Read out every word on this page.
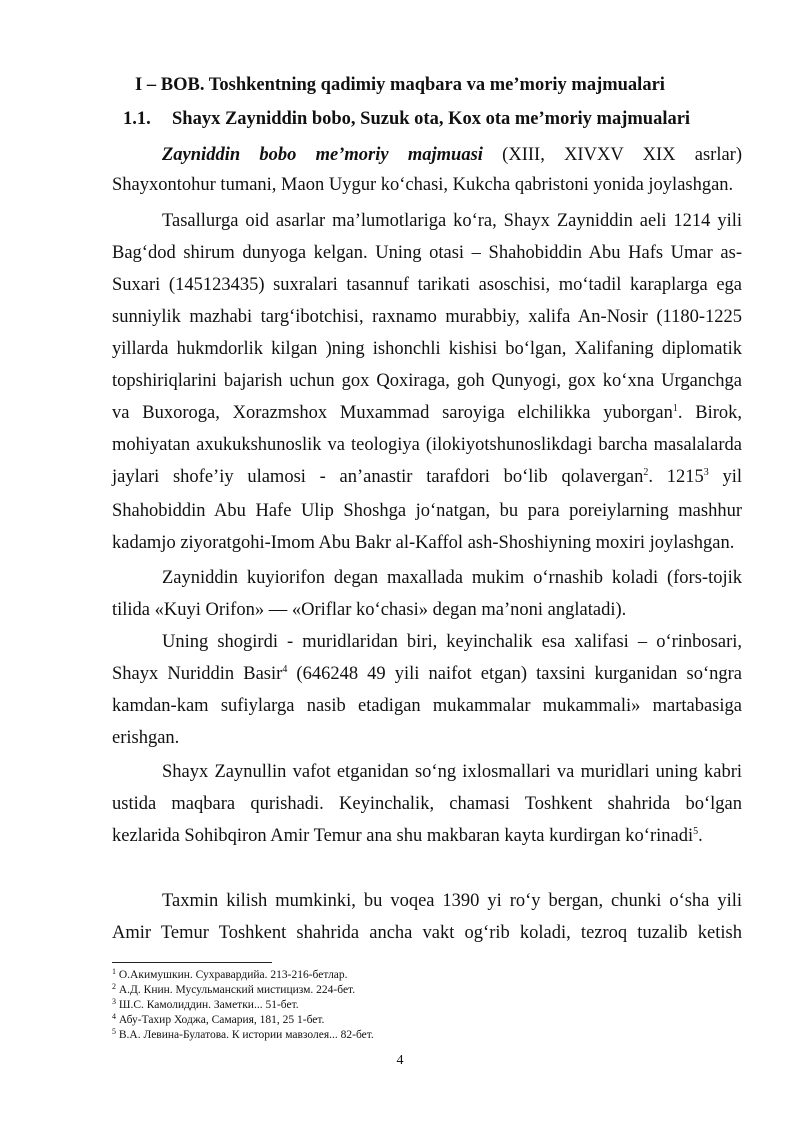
I – BOB. Toshkentning qadimiy maqbara va me’moriy majmualari
1.1. Shayx Zayniddin bobo, Suzuk ota, Kox ota me’moriy majmualari
Zayniddin bobo me’moriy majmuasi (XIII, XIVXV XIX asrlar)
Shayxontohur tumani, Maon Uygur ko‘chasi, Kukcha qabristoni yonida joylashgan.
Tasallurga oid asarlar ma’lumotlariga ko‘ra, Shayx Zayniddin aeli 1214 yili
Bag‘dod shirum dunyoga kelgan. Uning otasi – Shahobiddin Abu Hafs Umar as-
Suxari (145123435) suxralari tasannuf tarikati asoschisi, mo‘tadil karaplarga ega
sunniylik mazhabi targ‘ibotchisi, raxnamo murabbiy, xalifa An-Nosir (1180-1225
yillarda hukmdorlik kilgan )ning ishonchli kishisi bo‘lgan, Xalifaning diplomatik
topshiriqlarini bajarish uchun gox Qoxiraga, goh Qunyogi, gox ko‘xna Urganchga
va Buxoroga, Xorazmshox Muxammad saroyiga elchilikka yuborgan$^1$. Birok,
mohiyatan axukukshunoslik va teologiya (ilokiyotshunoslikdagi barcha masalalarda
jaylari shofe’iy ulamosi - an’anastir tarafdori bo‘lib qolavergan$^2$. 1215$^3$ yil
Shahobiddin Abu Hafe Ulip Shoshga jo‘natgan, bu para poreiylarning mashhur
kadamjo ziyoratgohi-Imom Abu Bakr al-Kaffol ash-Shoshiyning moxiri joylashgan.
Zayniddin kuyiorifon degan maxallada mukim o‘rnashib koladi (fors-tojik
tilida «Kuyi Orifon» — «Oriflar ko‘chasi» degan ma’noni anglatadi).
Uning shogirdi - muridlaridan biri, keyinchalik esa xalifasi – o‘rinbosari,
Shayx Nuriddin Basir$^4$ (646248 49 yili naifot etgan) taxsini kurganidan so‘ngra
kamdan-kam sufiylarga nasib etadigan mukammalar mukammali» martabasiga
erishgan.
Shayx Zaynullin vafot etganidan so‘ng ixlosmallari va muridlari uning kabri
ustida maqbara qurishadi. Keyinchalik, chamasi Toshkent shahrida bo‘lgan
kezlarida Sohibqiron Amir Temur ana shu makbaran kayta kurdirgan ko‘rinadi$^5$.
Taxmin kilish mumkinki, bu voqea 1390 yi ro‘y bergan, chunki o‘sha yili
Amir Temur Toshkent shahrida ancha vakt og‘rib koladi, tezroq tuzalib ketish
$^1$ О.Акимушкин. Сухравардийа. 213-216-бетлар.
$^2$ А.Д. Книн. Мусульманский мистицизм. 224-бет.
$^3$ Ш.С. Камолиддин. Заметки... 51-бет.
$^4$ Абу-Тахир Ходжа, Самария, 181, 25 1-бет.
$^5$ В.А. Левина-Булатова. К истории мавзолея... 82-бет.
4
